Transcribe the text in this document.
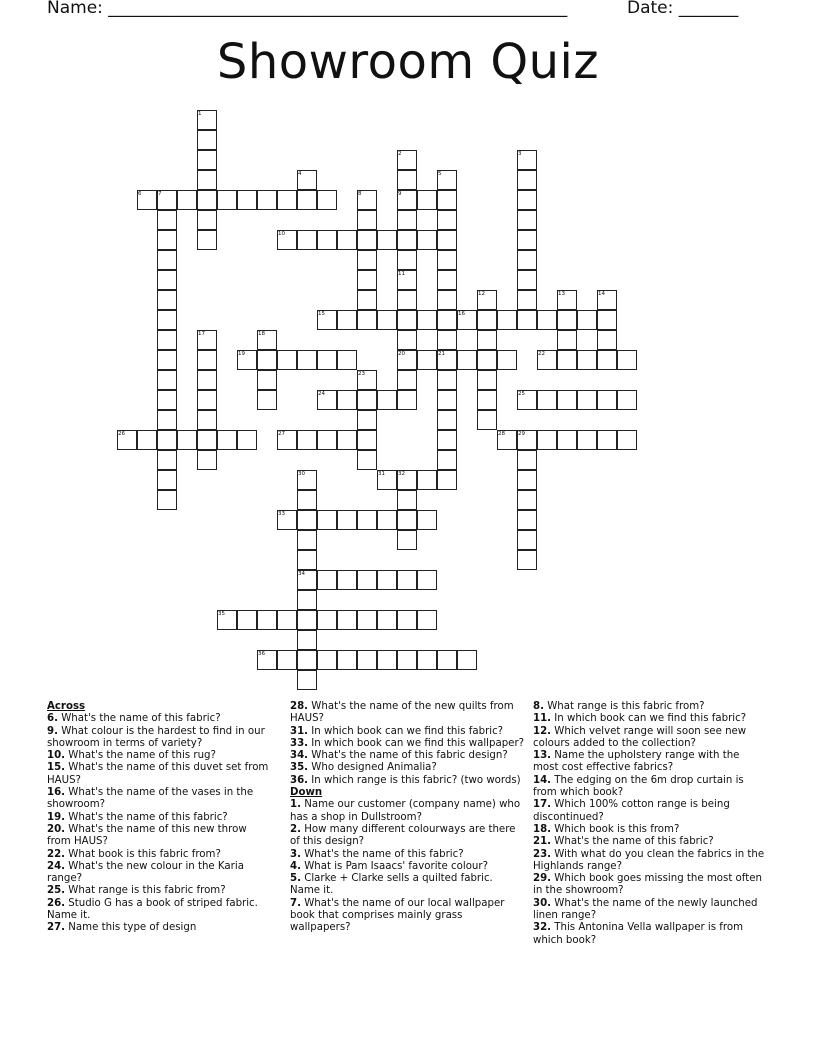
Name: ______________________________________________________	Date: _______
Showroom Quiz
1
2	3
4	5
6	7	8	9
10
11
12	13	14
15	16
17	18
19	20	21	22
23
24	25
26	27	28 29
30	31 32
33
34
35
36

Across

6. What's the name of this fabric?

9. What colour is the hardest to find in our showroom in terms of variety?

10. What's the name of this rug?

15. What's the name of this duvet set from HAUS?

16. What's the name of the vases in the showroom?

19. What's the name of this fabric?

20. What's the name of this new throw from HAUS?

22. What book is this fabric from?

24. What's the new colour in the Karia range?

25. What range is this fabric from?

26. Studio G has a book of striped fabric. Name it.

27. Name this type of design

28. What's the name of the new quilts from HAUS?

31. In which book can we find this fabric?

33. In which book can we find this wallpaper?

34. What's the name of this fabric design?

35. Who designed Animalia?

36. In which range is this fabric? (two words)

Down

1. Name our customer (company name) who has a shop in Dullstroom?

2. How many different colourways are there of this design?

3. What's the name of this fabric?

4. What is Pam Isaacs' favorite colour?

5. Clarke + Clarke sells a quilted fabric. Name it.

7. What's the name of our local wallpaper book that comprises mainly grass wallpapers?

8. What range is this fabric from?

11. In which book can we find this fabric?

12. Which velvet range will soon see new colours added to the collection?

13. Name the upholstery range with the most cost effective fabrics?

14. The edging on the 6m drop curtain is from which book?

17. Which 100% cotton range is being discontinued?

18. Which book is this from?

21. What's the name of this fabric?

23. With what do you clean the fabrics in the Highlands range?

29. Which book goes missing the most often in the showroom?

30. What's the name of the newly launched linen range?

32. This Antonina Vella wallpaper is from which book?
